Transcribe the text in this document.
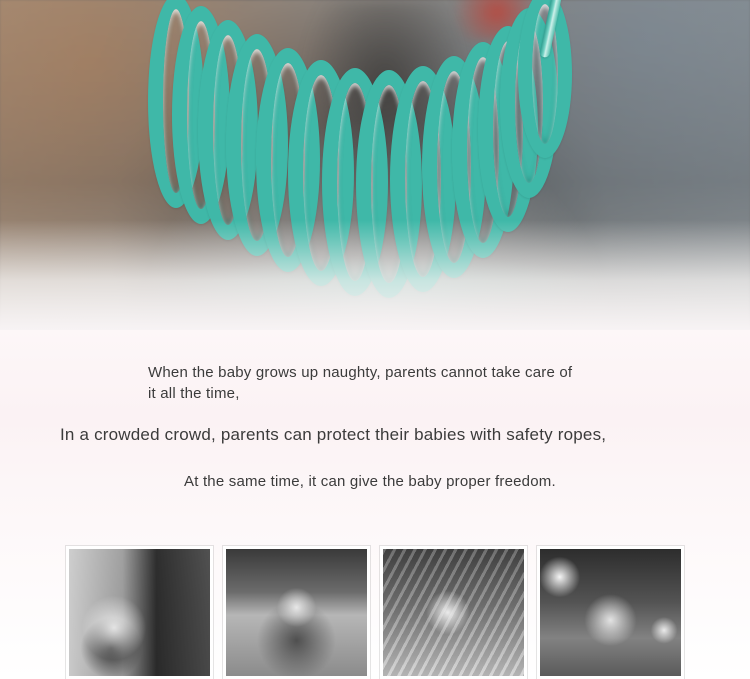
When the baby grows up naughty, parents cannot take care of it all the time,
In a crowded crowd, parents can protect their babies with safety ropes,
At the same time, it can give the baby proper freedom.
